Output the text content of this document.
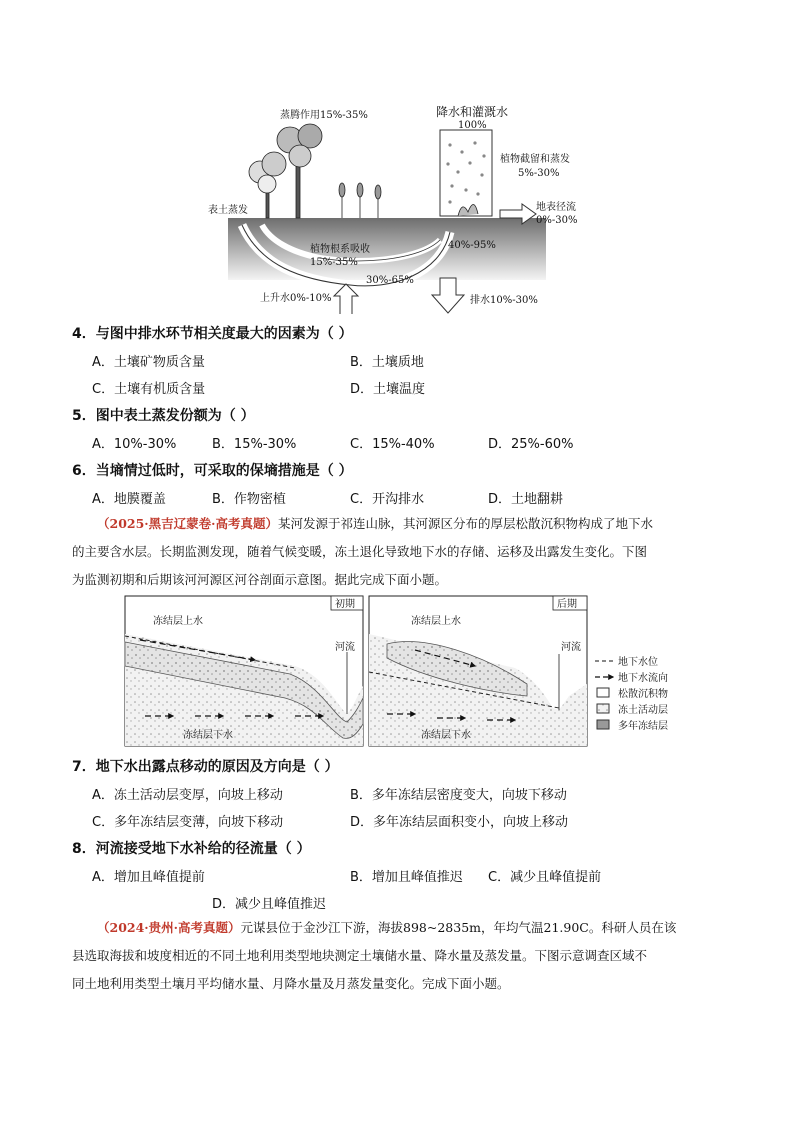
蒸腾作用15%-35%	降水和灌溉水
100%
植物截留和蒸发
5%-30%
表土蒸发	地表径流
0%-30%
植物根系吸收
15%-35%
40%-95%
30%-65%
上升水0%-10%	排水10%-30%
4．与图中排水环节相关度最大的因素为（ ）
A．土壤矿物质含量	B．土壤质地
C．土壤有机质含量	D．土壤温度
5．图中表土蒸发份额为（ ）
A．10%-30%	B．15%-30%	C．15%-40%	D．25%-60%
6．当墒情过低时，可采取的保墒措施是（ ）
A．地膜覆盖	B．作物密植	C．开沟排水	D．土地翻耕
（2025·黑吉辽蒙卷·高考真题）某河发源于祁连山脉，其河源区分布的厚层松散沉积物构成了地下水
的主要含水层。长期监测发现，随着气候变暖，冻土退化导致地下水的存储、运移及出露发生变化。下图
为监测初期和后期该河河源区河谷剖面示意图。据此完成下面小题。
初期
冻结层上水
河流
冻结层下水
后期
冻结层上水
河流
冻结层下水
地下水位
地下水流向
松散沉积物
冻土活动层
多年冻结层
7．地下水出露点移动的原因及方向是（ ）
A．冻土活动层变厚，向坡上移动	B．多年冻结层密度变大，向坡下移动
C．多年冻结层变薄，向坡下移动	D．多年冻结层面积变小，向坡上移动
8．河流接受地下水补给的径流量（ ）
A．增加且峰值提前	B．增加且峰值推迟 C．减少且峰值提前
D．减少且峰值推迟
（2024·贵州·高考真题）元谋县位于金沙江下游，海拔898~2835m，年均气温21.90C。科研人员在该
县选取海拔和坡度相近的不同土地利用类型地块测定土壤储水量、降水量及蒸发量。下图示意调查区域不
同土地利用类型土壤月平均储水量、月降水量及月蒸发量变化。完成下面小题。
